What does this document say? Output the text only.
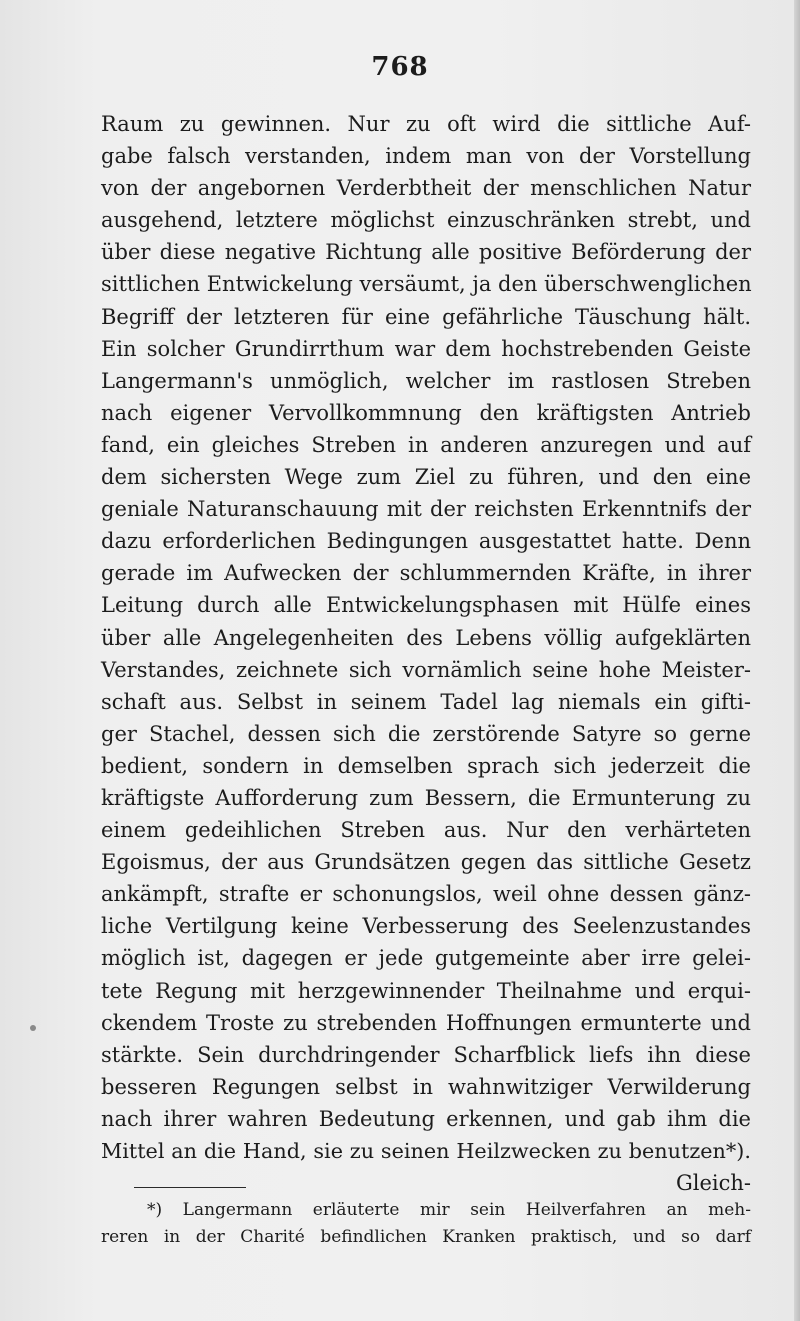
768
Raum zu gewinnen. Nur zu oft wird die sittliche Auf-
gabe falsch verstanden, indem man von der Vorstellung
von der angebornen Verderbtheit der menschlichen Natur
ausgehend, letztere möglichst einzuschränken strebt, und
über diese negative Richtung alle positive Beförderung der
sittlichen Entwickelung versäumt, ja den überschwenglichen
Begriff der letzteren für eine gefährliche Täuschung hält.
Ein solcher Grundirrthum war dem hochstrebenden Geiste
Langermann's unmöglich, welcher im rastlosen Streben
nach eigener Vervollkommnung den kräftigsten Antrieb
fand, ein gleiches Streben in anderen anzuregen und auf
dem sichersten Wege zum Ziel zu führen, und den eine
geniale Naturanschauung mit der reichsten Erkenntnifs der
dazu erforderlichen Bedingungen ausgestattet hatte. Denn
gerade im Aufwecken der schlummernden Kräfte, in ihrer
Leitung durch alle Entwickelungsphasen mit Hülfe eines
über alle Angelegenheiten des Lebens völlig aufgeklärten
Verstandes, zeichnete sich vornämlich seine hohe Meister-
schaft aus. Selbst in seinem Tadel lag niemals ein gifti-
ger Stachel, dessen sich die zerstörende Satyre so gerne
bedient, sondern in demselben sprach sich jederzeit die
kräftigste Aufforderung zum Bessern, die Ermunterung zu
einem gedeihlichen Streben aus. Nur den verhärteten
Egoismus, der aus Grundsätzen gegen das sittliche Gesetz
ankämpft, strafte er schonungslos, weil ohne dessen gänz-
liche Vertilgung keine Verbesserung des Seelenzustandes
möglich ist, dagegen er jede gutgemeinte aber irre gelei-
tete Regung mit herzgewinnender Theilnahme und erqui-
ckendem Troste zu strebenden Hoffnungen ermunterte und
stärkte. Sein durchdringender Scharfblick liefs ihn diese
besseren Regungen selbst in wahnwitziger Verwilderung
nach ihrer wahren Bedeutung erkennen, und gab ihm die
Mittel an die Hand, sie zu seinen Heilzwecken zu benutzen*).
Gleich-
*) Langermann erläuterte mir sein Heilverfahren an meh-
reren in der Charité befindlichen Kranken praktisch, und so darf
